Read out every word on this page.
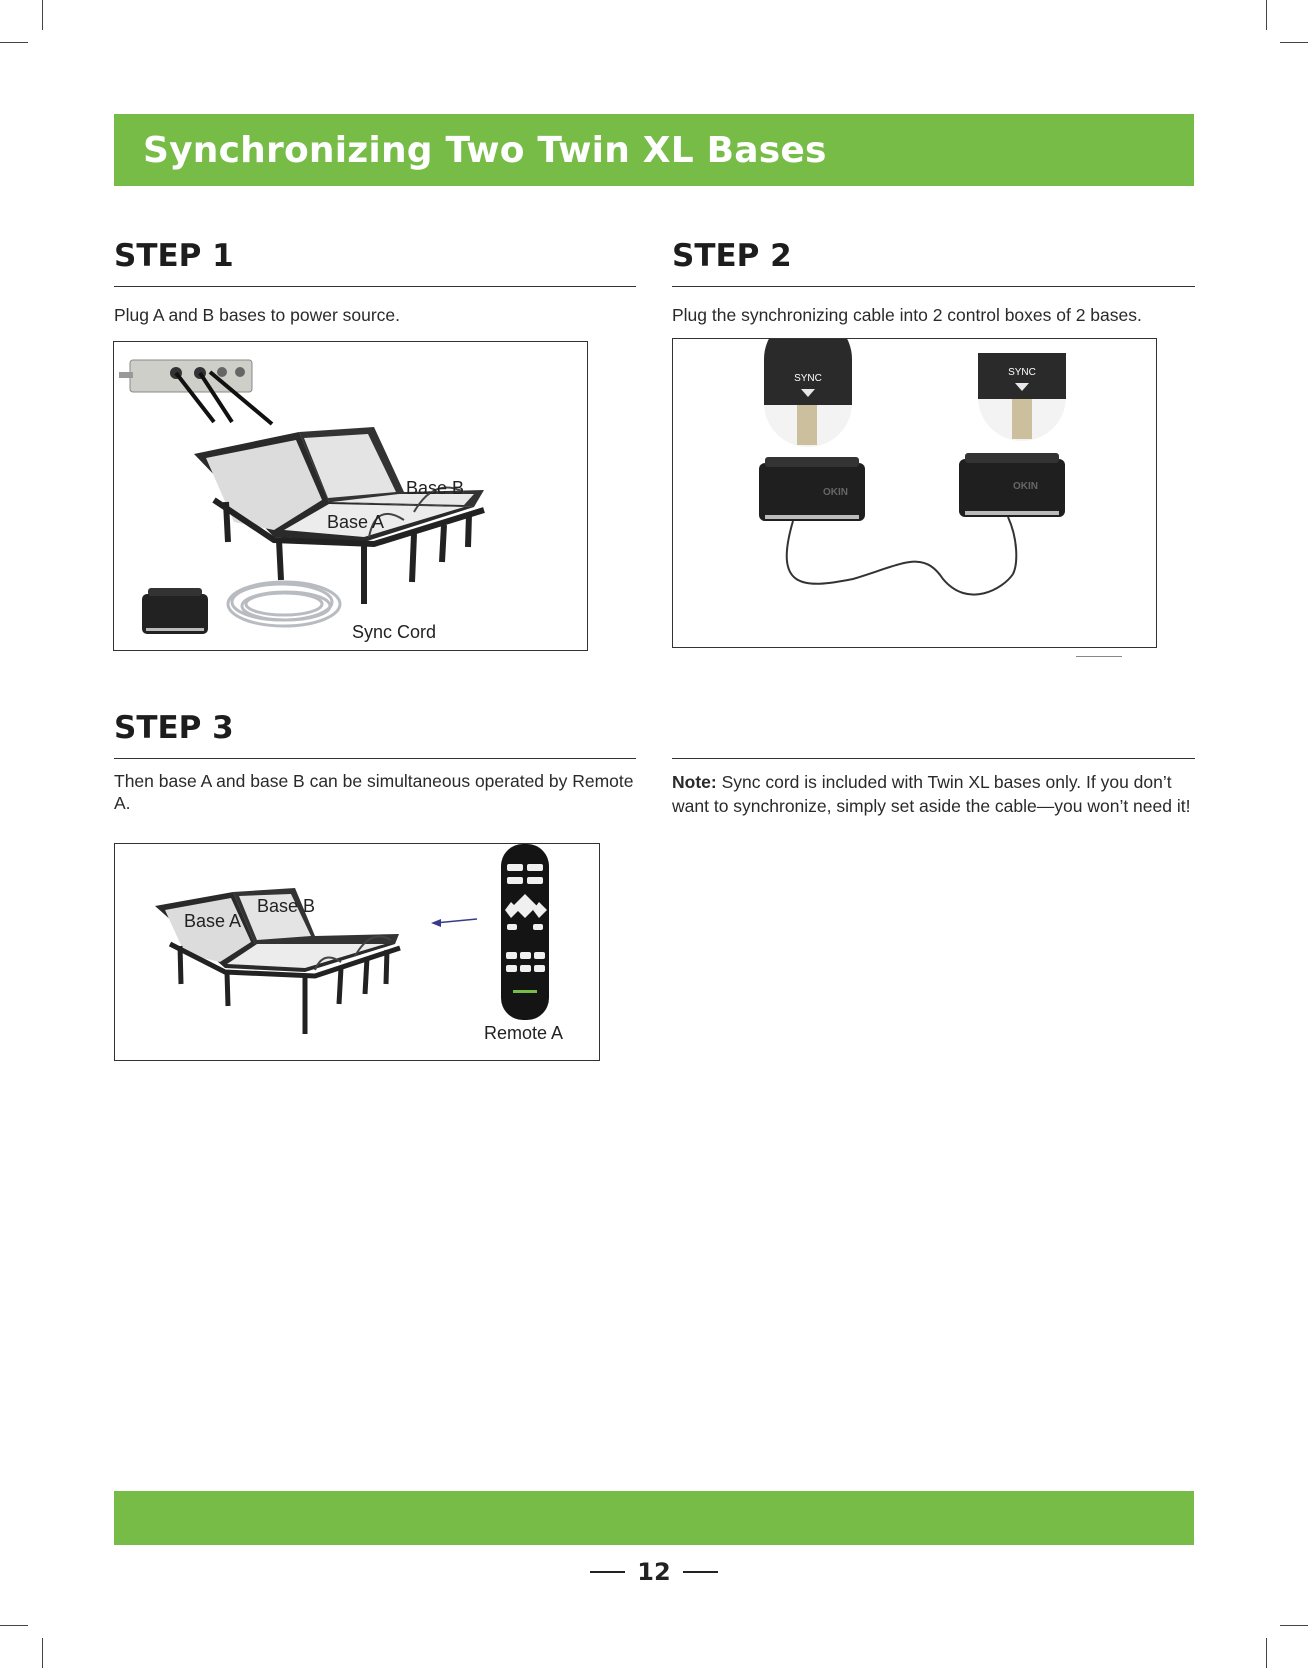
Synchronizing Two Twin XL Bases
STEP 1
Plug A and B bases to power source.
Base B
Base A
Sync Cord
STEP 2
Plug the synchronizing cable into 2 control boxes of 2 bases.
SYNC
SYNC
OKIN
OKIN
STEP 3
Then base A and base B can be simultaneous operated by Remote A.
Base A
Base B
Remote A
Note: Sync cord is included with Twin XL bases only. If you don’t want to synchronize, simply set aside the cable—you won’t need it!
12
